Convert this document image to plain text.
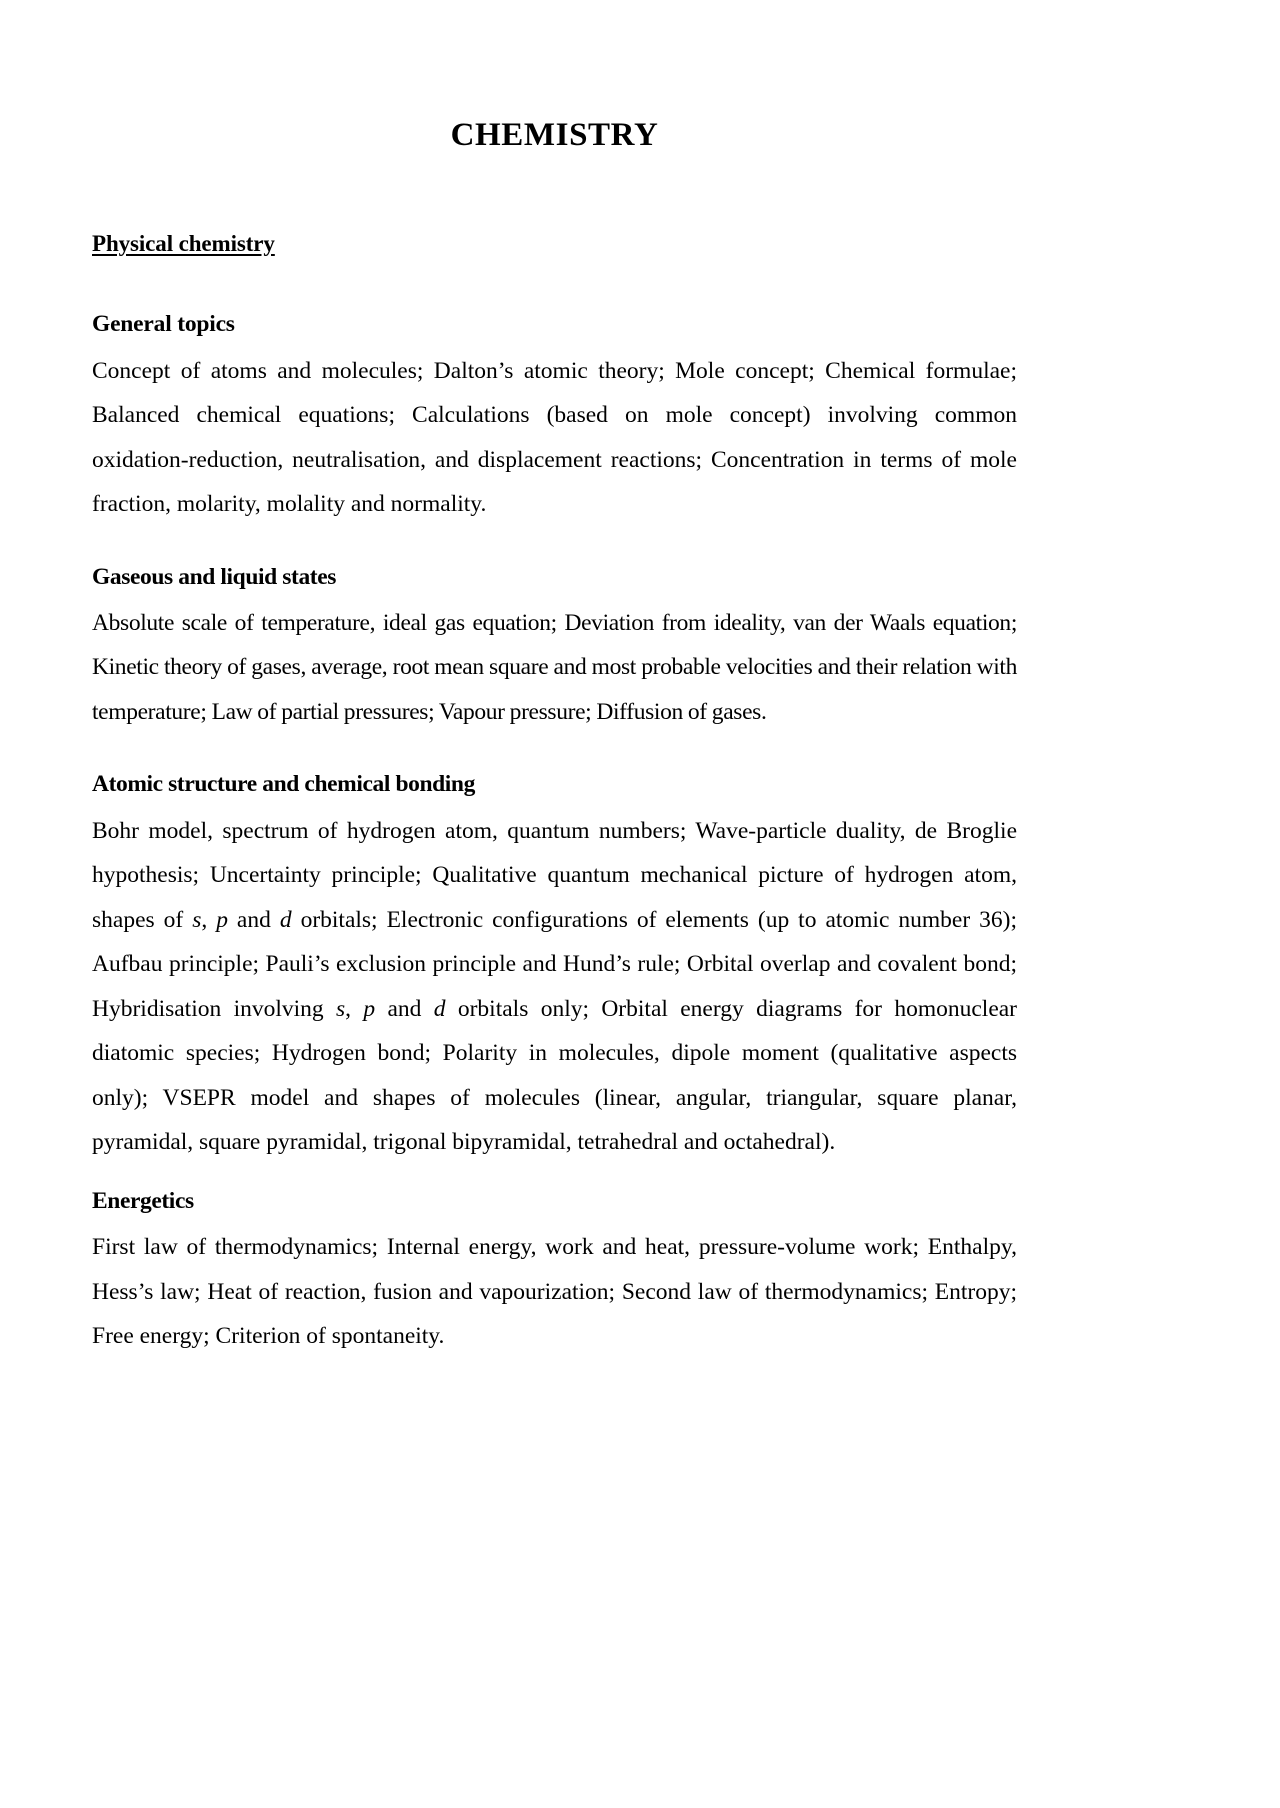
CHEMISTRY
Physical chemistry
General topics

Concept of atoms and molecules; Dalton’s atomic theory; Mole concept; Chemical formulae; Balanced chemical equations; Calculations (based on mole concept) involving common oxidation-reduction, neutralisation, and displacement reactions; Concentration in terms of mole fraction, molarity, molality and normality.

Gaseous and liquid states

Absolute scale of temperature, ideal gas equation; Deviation from ideality, van der Waals equation; Kinetic theory of gases, average, root mean square and most probable velocities and their relation with temperature; Law of partial pressures; Vapour pressure; Diffusion of gases.

Atomic structure and chemical bonding

Bohr model, spectrum of hydrogen atom, quantum numbers; Wave-particle duality, de Broglie hypothesis; Uncertainty principle; Qualitative quantum mechanical picture of hydrogen atom, shapes of s, p and d orbitals; Electronic configurations of elements (up to atomic number 36); Aufbau principle; Pauli’s exclusion principle and Hund’s rule; Orbital overlap and covalent bond; Hybridisation involving s, p and d orbitals only; Orbital energy diagrams for homonuclear diatomic species; Hydrogen bond; Polarity in molecules, dipole moment (qualitative aspects only); VSEPR model and shapes of molecules (linear, angular, triangular, square planar, pyramidal, square pyramidal, trigonal bipyramidal, tetrahedral and octahedral).

Energetics

First law of thermodynamics; Internal energy, work and heat, pressure-volume work; Enthalpy, Hess’s law; Heat of reaction, fusion and vapourization; Second law of thermodynamics; Entropy; Free energy; Criterion of spontaneity.
